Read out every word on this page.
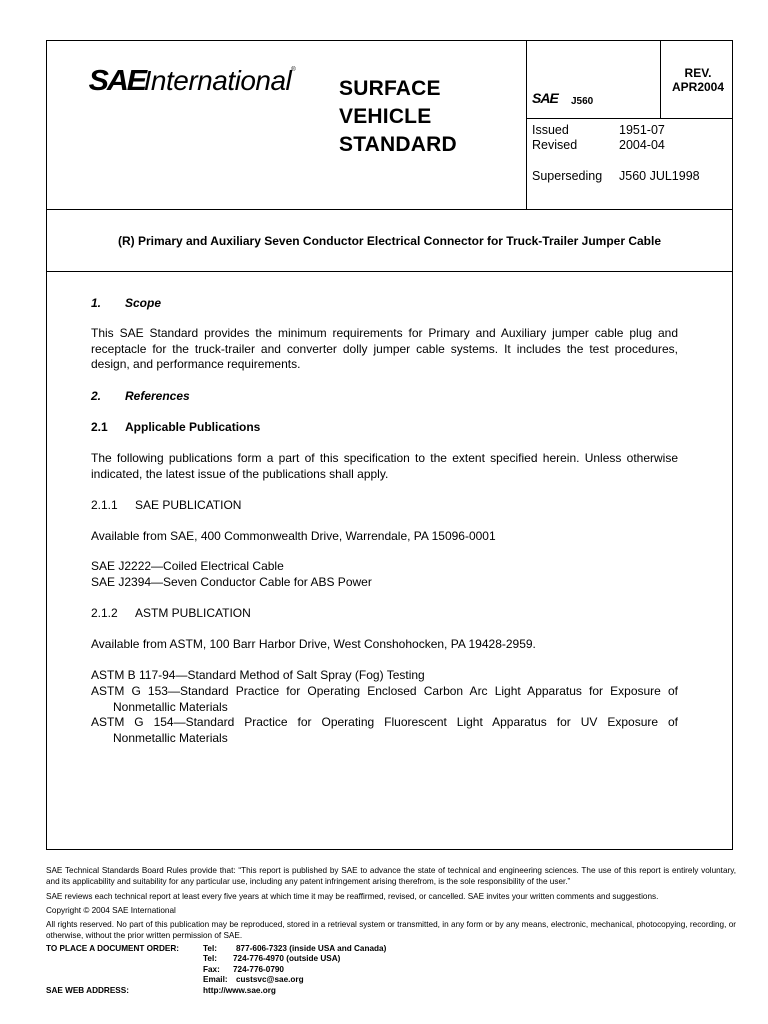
SAEInternational®
SURFACE
VEHICLE
STANDARD
SAE J560
REV.
APR2004
Issued	1951-07
Revised	2004-04
Superseding J560 JUL1998
(R) Primary and Auxiliary Seven Conductor Electrical Connector for Truck-Trailer Jumper Cable
1. Scope
This SAE Standard provides the minimum requirements for Primary and Auxiliary jumper cable plug and receptacle for the truck-trailer and converter dolly jumper cable systems. It includes the test procedures, design, and performance requirements.
2. References
2.1 Applicable Publications
The following publications form a part of this specification to the extent specified herein. Unless otherwise indicated, the latest issue of the publications shall apply.
2.1.1 SAE PUBLICATION
Available from SAE, 400 Commonwealth Drive, Warrendale, PA 15096-0001
SAE J2222—Coiled Electrical Cable
SAE J2394—Seven Conductor Cable for ABS Power
2.1.2 ASTM PUBLICATION
Available from ASTM, 100 Barr Harbor Drive, West Conshohocken, PA 19428-2959.
ASTM B 117-94—Standard Method of Salt Spray (Fog) Testing
ASTM G 153—Standard Practice for Operating Enclosed Carbon Arc Light Apparatus for Exposure of
Nonmetallic Materials
ASTM G 154—Standard Practice for Operating Fluorescent Light Apparatus for UV Exposure of
Nonmetallic Materials
SAE Technical Standards Board Rules provide that: “This report is published by SAE to advance the state of technical and engineering sciences. The use of this report is entirely voluntary, and its applicability and suitability for any particular use, including any patent infringement arising therefrom, is the sole responsibility of the user.”
SAE reviews each technical report at least every five years at which time it may be reaffirmed, revised, or cancelled. SAE invites your written comments and suggestions.
Copyright © 2004 SAE International
All rights reserved. No part of this publication may be reproduced, stored in a retrieval system or transmitted, in any form or by any means, electronic, mechanical, photocopying, recording, or otherwise, without the prior written permission of SAE.
TO PLACE A DOCUMENT ORDER:	Tel: 877-606-7323 (inside USA and Canada)
Tel: 724-776-4970 (outside USA)
Fax: 724-776-0790
Email: custsvc@sae.org
SAE WEB ADDRESS:	http://www.sae.org
